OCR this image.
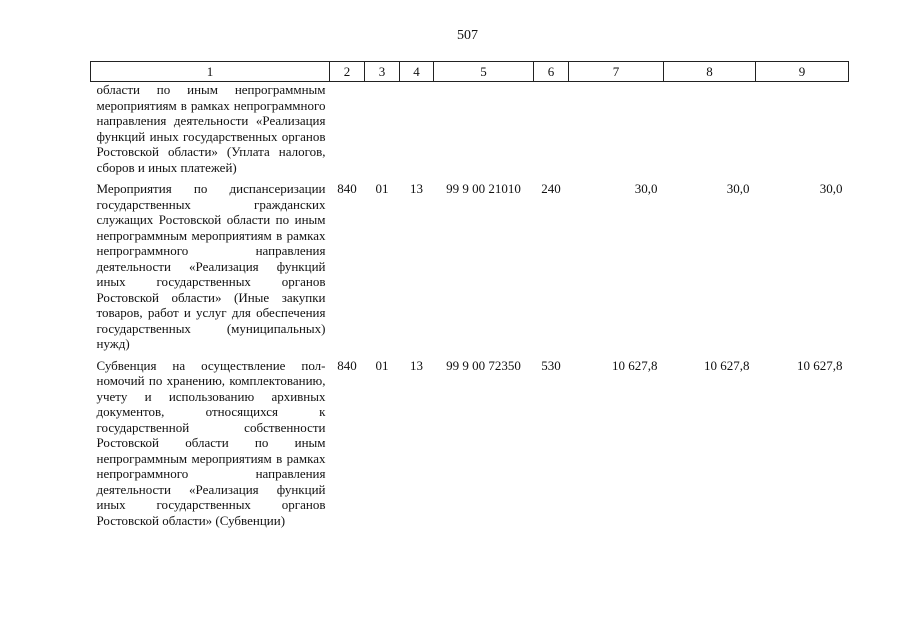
507
1	2	3	4	5	6	7	8	9
области по иным непрограммным мероприятиям в рамках непрограммного направления деятельности «Реализация функций иных государственных органов Ростовской области» (Уплата налогов, сборов и иных платежей)								
Мероприятия по диспансеризации государственных гражданских служащих Ростовской области по иным непрограммным мероприятиям в рамках непрограммного направления деятельности «Реализация функций иных государственных органов Ростовской области» (Иные закупки товаров, работ и услуг для обеспечения государственных (муниципальных) нужд)	840	01	13	99 9 00 21010	240	30,0	30,0	30,0
Субвенция на осуществление полномочий по хранению, комплектованию, учету и использованию архивных документов, относящихся к государственной собственности Ростовской области по иным непрограммным мероприятиям в рамках непрограммного направления деятельности «Реализация функций иных государственных органов Ростовской области» (Субвенции)	840	01	13	99 9 00 72350	530	10 627,8	10 627,8	10 627,8
